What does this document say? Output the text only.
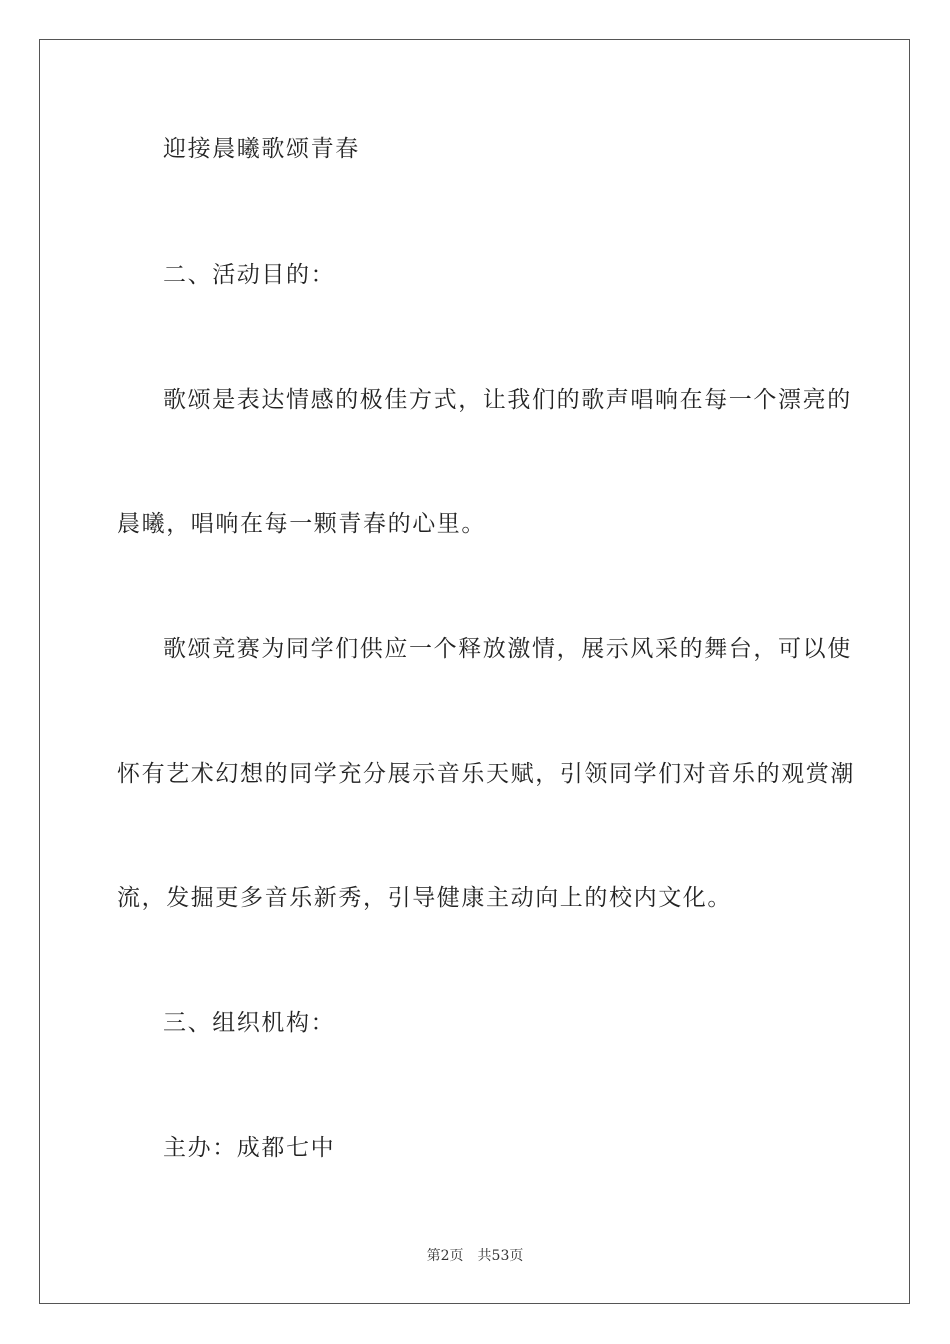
迎接晨曦歌颂青春
二、活动目的：
歌颂是表达情感的极佳方式，让我们的歌声唱响在每一个漂亮的
晨曦，唱响在每一颗青春的心里。
歌颂竞赛为同学们供应一个释放激情，展示风采的舞台，可以使
怀有艺术幻想的同学充分展示音乐天赋，引领同学们对音乐的观赏潮
流，发掘更多音乐新秀，引导健康主动向上的校内文化。
三、组织机构：
主办：成都七中
第2页 共53页
